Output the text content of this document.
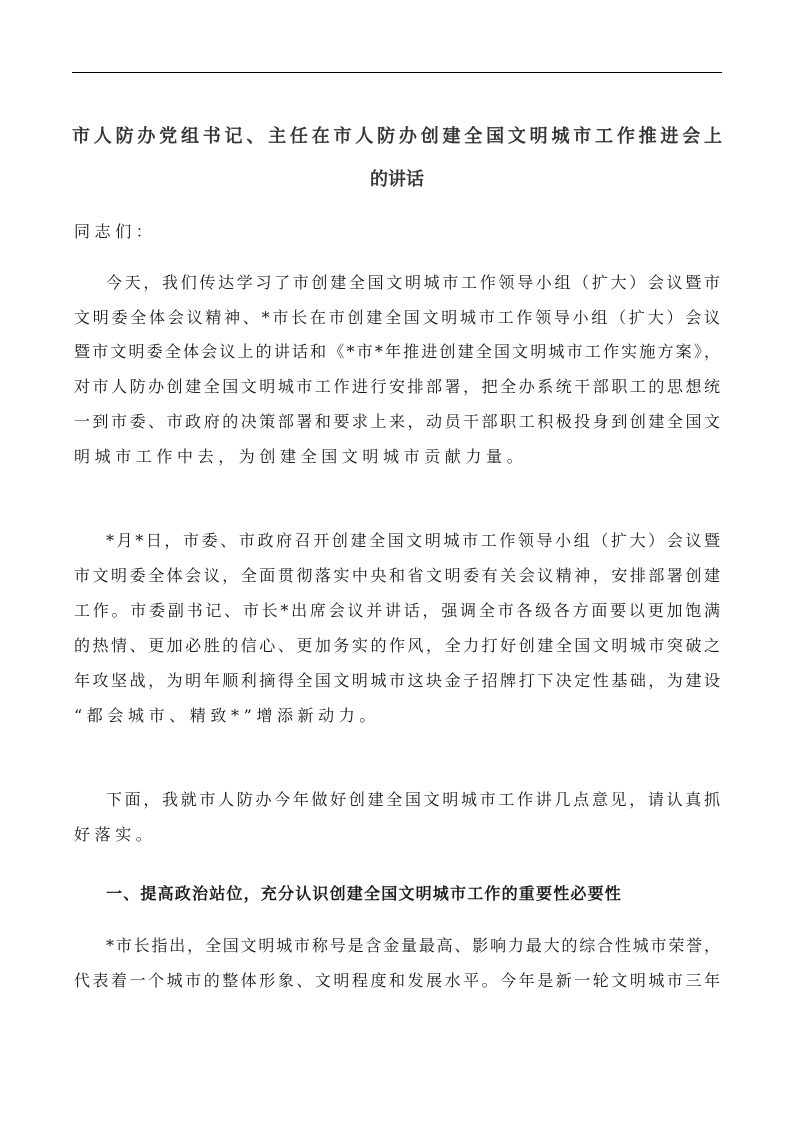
市人防办党组书记、主任在市人防办创建全国文明城市工作推进会上
的讲话
同志们：
今天，我们传达学习了市创建全国文明城市工作领导小组（扩大）会议暨市
文明委全体会议精神、*市长在市创建全国文明城市工作领导小组（扩大）会议
暨市文明委全体会议上的讲话和《*市*年推进创建全国文明城市工作实施方案》，
对市人防办创建全国文明城市工作进行安排部署，把全办系统干部职工的思想统
一到市委、市政府的决策部署和要求上来，动员干部职工积极投身到创建全国文
明城市工作中去，为创建全国文明城市贡献力量。
*月*日，市委、市政府召开创建全国文明城市工作领导小组（扩大）会议暨
市文明委全体会议，全面贯彻落实中央和省文明委有关会议精神，安排部署创建
工作。市委副书记、市长*出席会议并讲话，强调全市各级各方面要以更加饱满
的热情、更加必胜的信心、更加务实的作风，全力打好创建全国文明城市突破之
年攻坚战，为明年顺利摘得全国文明城市这块金子招牌打下决定性基础，为建设
“都会城市、精致*”增添新动力。
下面，我就市人防办今年做好创建全国文明城市工作讲几点意见，请认真抓
好落实。
一、提高政治站位，充分认识创建全国文明城市工作的重要性必要性
*市长指出，全国文明城市称号是含金量最高、影响力最大的综合性城市荣誉，
代表着一个城市的整体形象、文明程度和发展水平。今年是新一轮文明城市三年
